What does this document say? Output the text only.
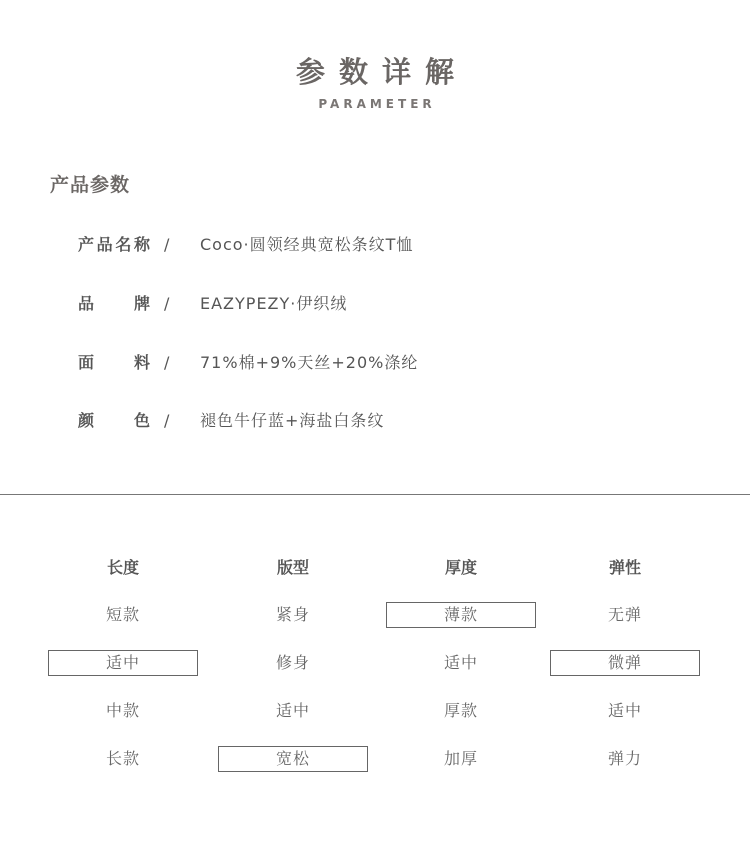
参数详解
PARAMETER
产品参数
产品名称 / Coco·圆领经典宽松条纹T恤
品牌 / EAZYPEZY·伊织绒
面料 / 71%棉+9%天丝+20%涤纶
颜色 / 褪色牛仔蓝+海盐白条纹
长度
短款
适中
中款
长款
版型
紧身
修身
适中
宽松
厚度
薄款
适中
厚款
加厚
弹性
无弹
微弹
适中
弹力
